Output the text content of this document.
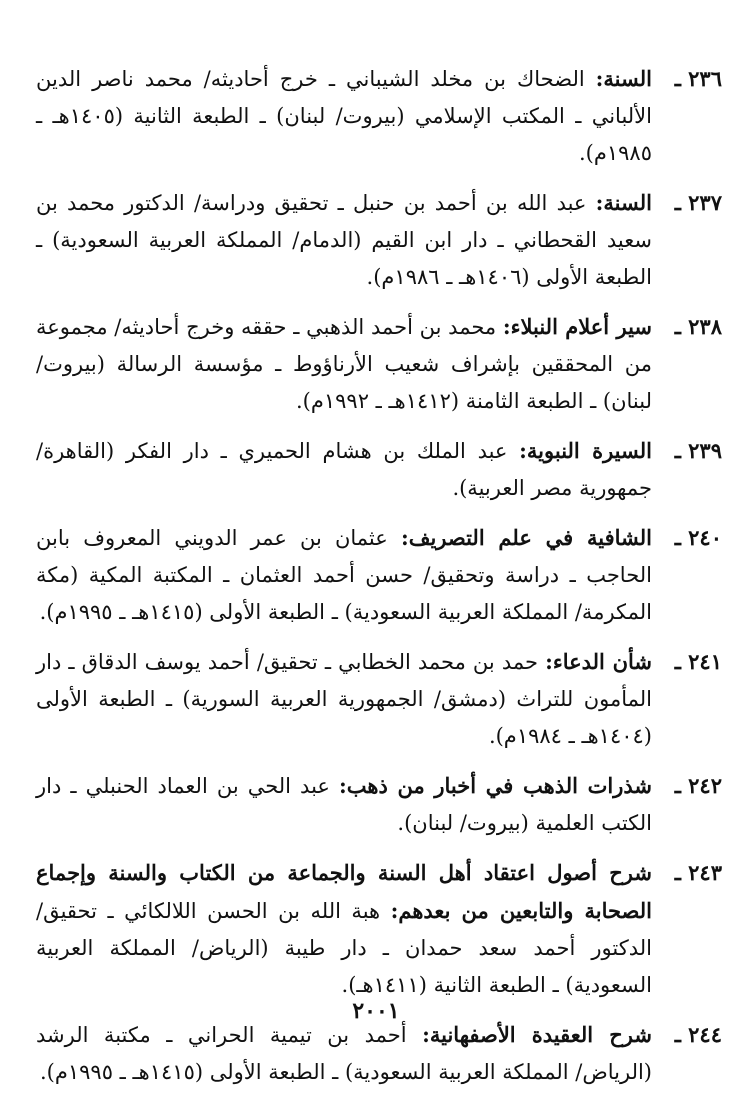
٢٣٦ ـ
السنة: الضحاك بن مخلد الشيباني ـ خرج أحاديثه/ محمد ناصر الدين الألباني ـ المكتب الإسلامي (بيروت/ لبنان) ـ الطبعة الثانية (١٤٠٥هـ ـ ١٩٨٥م).
٢٣٧ ـ
السنة: عبد الله بن أحمد بن حنبل ـ تحقيق ودراسة/ الدكتور محمد بن سعيد القحطاني ـ دار ابن القيم (الدمام/ المملكة العربية السعودية) ـ الطبعة الأولى (١٤٠٦هـ ـ ١٩٨٦م).
٢٣٨ ـ
سير أعلام النبلاء: محمد بن أحمد الذهبي ـ حققه وخرج أحاديثه/ مجموعة من المحققين بإشراف شعيب الأرناؤوط ـ مؤسسة الرسالة (بيروت/ لبنان) ـ الطبعة الثامنة (١٤١٢هـ ـ ١٩٩٢م).
٢٣٩ ـ
السيرة النبوية: عبد الملك بن هشام الحميري ـ دار الفكر (القاهرة/ جمهورية مصر العربية).
٢٤٠ ـ
الشافية في علم التصريف: عثمان بن عمر الدويني المعروف بابن الحاجب ـ دراسة وتحقيق/ حسن أحمد العثمان ـ المكتبة المكية (مكة المكرمة/ المملكة العربية السعودية) ـ الطبعة الأولى (١٤١٥هـ ـ ١٩٩٥م).
٢٤١ ـ
شأن الدعاء: حمد بن محمد الخطابي ـ تحقيق/ أحمد يوسف الدقاق ـ دار المأمون للتراث (دمشق/ الجمهورية العربية السورية) ـ الطبعة الأولى (١٤٠٤هـ ـ ١٩٨٤م).
٢٤٢ ـ
شذرات الذهب في أخبار من ذهب: عبد الحي بن العماد الحنبلي ـ دار الكتب العلمية (بيروت/ لبنان).
٢٤٣ ـ
شرح أصول اعتقاد أهل السنة والجماعة من الكتاب والسنة وإجماع الصحابة والتابعين من بعدهم: هبة الله بن الحسن اللالكائي ـ تحقيق/ الدكتور أحمد سعد حمدان ـ دار طيبة (الرياض/ المملكة العربية السعودية) ـ الطبعة الثانية (١٤١١هـ).
٢٤٤ ـ
شرح العقيدة الأصفهانية: أحمد بن تيمية الحراني ـ مكتبة الرشد (الرياض/ المملكة العربية السعودية) ـ الطبعة الأولى (١٤١٥هـ ـ ١٩٩٥م).
٢٠٠١
